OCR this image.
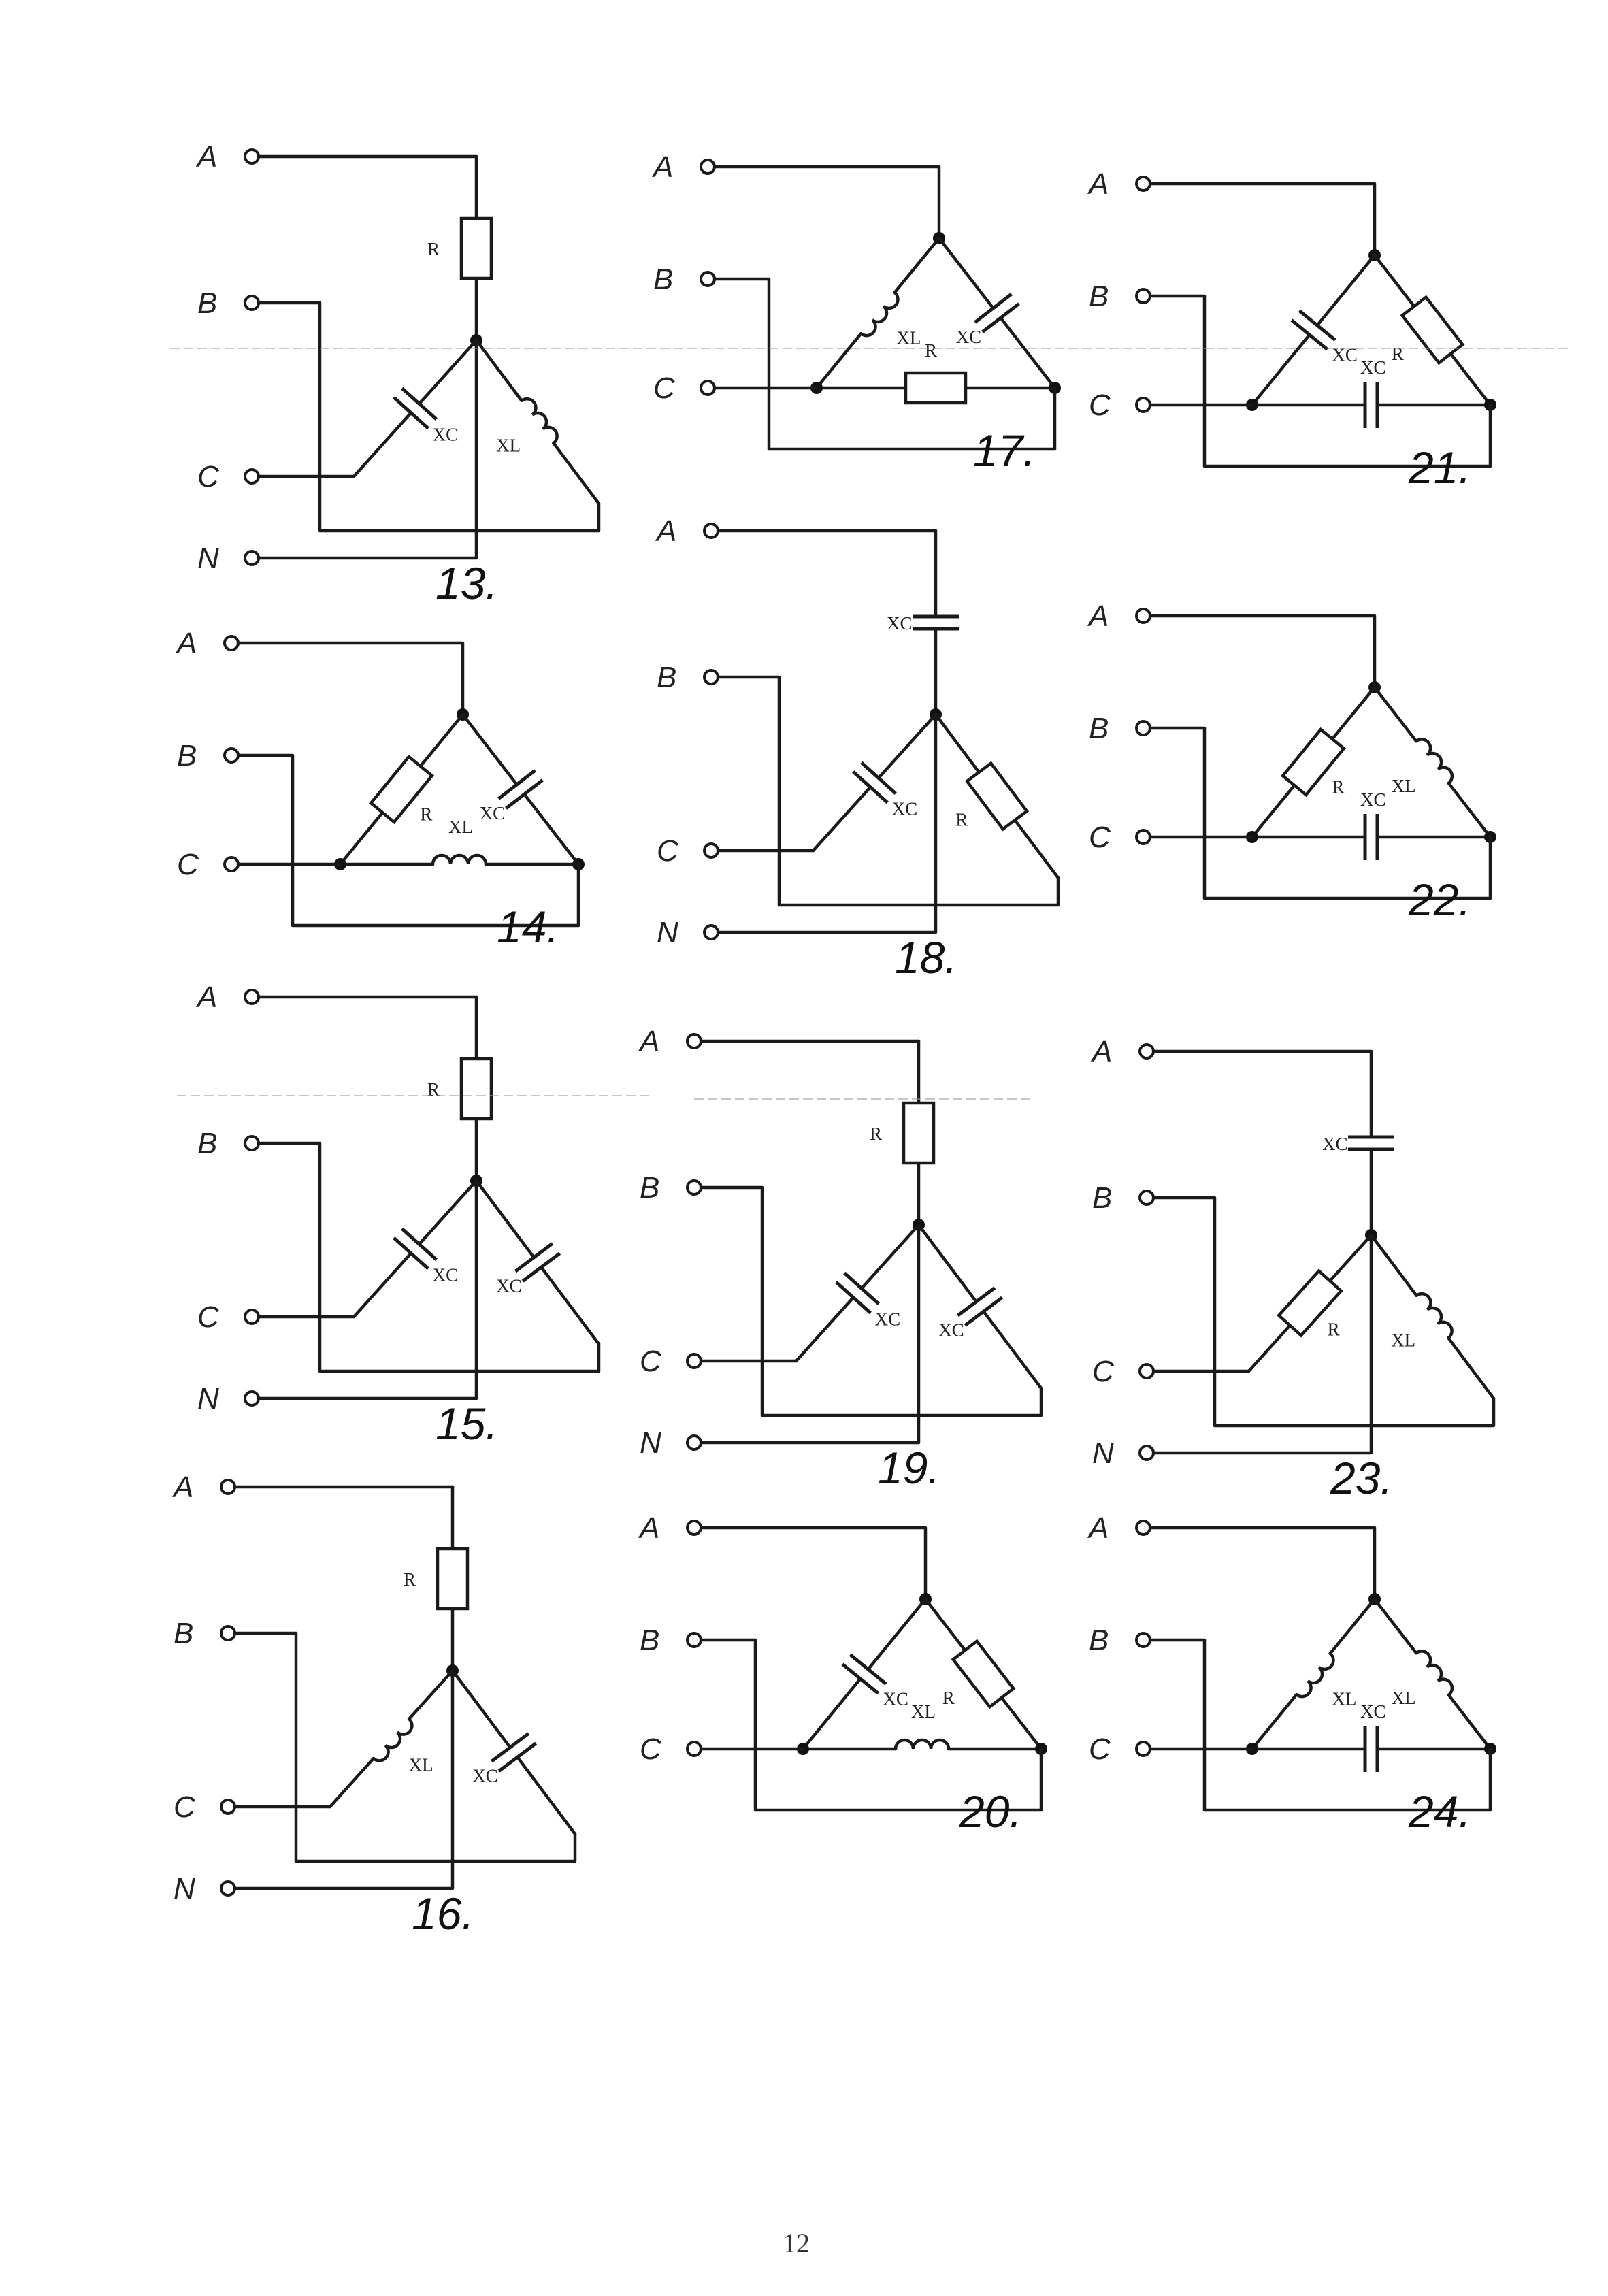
A
B
C
N
R
XC
XL
13.
A
B
C
R	XC
XL
14.
A
B
C
N
R
XC
XC
15.
A
B
C
N
R
XL
XC
16.
A
B
C
XL XC
R
17.
A
B
C
N
XC
XC
R
18.
A
B
C
N
R
XC
XC
19.
A
B
C
XC R
XL
20.
A
B
C
XC R
XC
21.
A
B
C
R	XL
XC
22.
A
B
C
N
XC
R
XL
23.
A
B
C
XL XL
XC
24.
12
